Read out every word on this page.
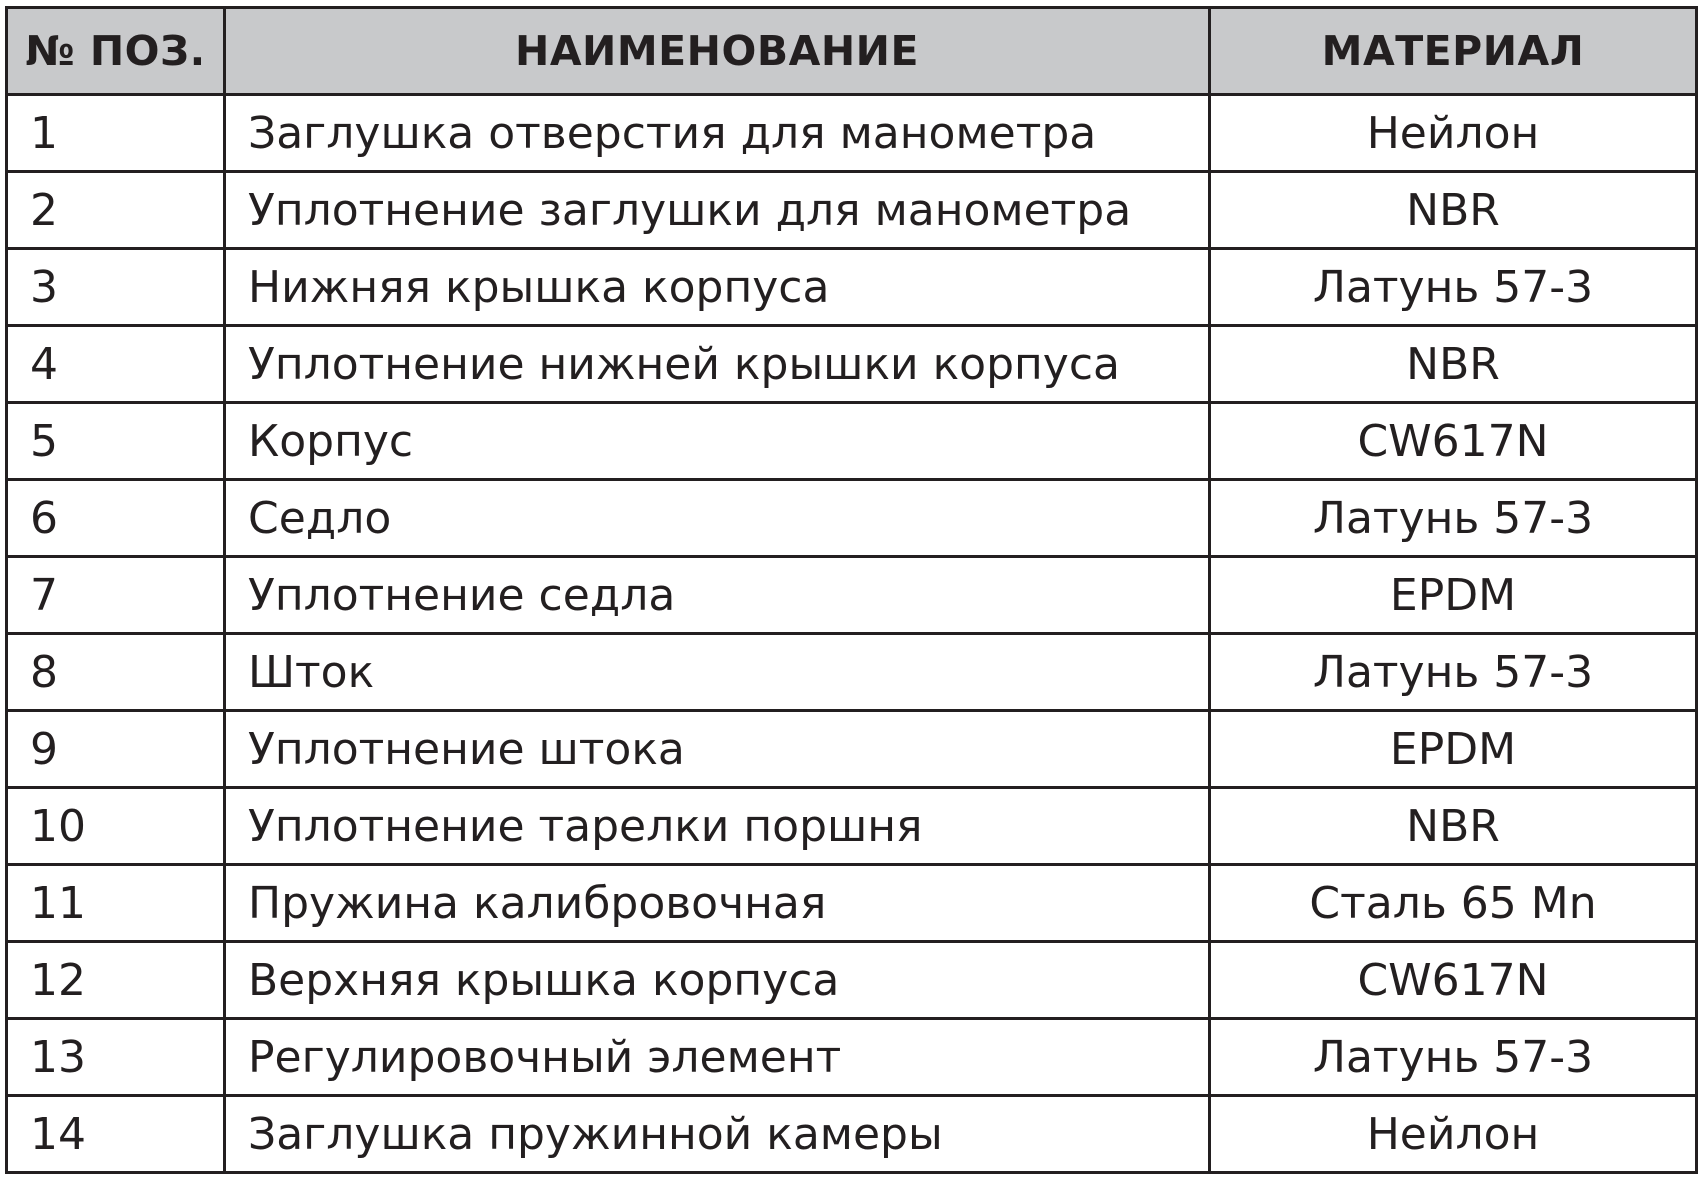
№ ПОЗ.	НАИМЕНОВАНИЕ	МАТЕРИАЛ
1	Заглушка отверстия для манометра	Нейлон
2	Уплотнение заглушки для манометра	NBR
3	Нижняя крышка корпуса	Латунь 57-3
4	Уплотнение нижней крышки корпуса	NBR
5	Корпус	CW617N
6	Седло	Латунь 57-3
7	Уплотнение седла	EPDM
8	Шток	Латунь 57-3
9	Уплотнение штока	EPDM
10	Уплотнение тарелки поршня	NBR
11	Пружина калибровочная	Сталь 65 Mn
12	Верхняя крышка корпуса	CW617N
13	Регулировочный элемент	Латунь 57-3
14	Заглушка пружинной камеры	Нейлон
